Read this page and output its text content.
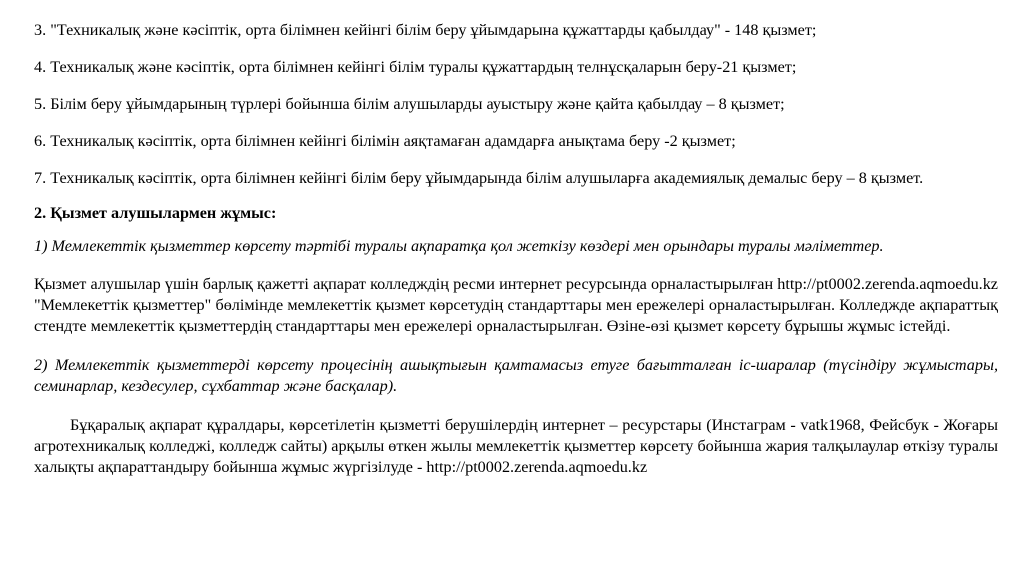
3. "Техникалық және кәсіптік, орта білімнен кейінгі білім беру ұйымдарына құжаттарды қабылдау" - 148 қызмет;

4. Техникалық және кәсіптік, орта білімнен кейінгі білім туралы құжаттардың телнұсқаларын беру-21 қызмет;

5. Білім беру ұйымдарының түрлері бойынша білім алушыларды ауыстыру және қайта қабылдау – 8 қызмет;

6. Техникалық кәсіптік, орта білімнен кейінгі білімін аяқтамаған адамдарға анықтама беру -2 қызмет;

7. Техникалық кәсіптік, орта білімнен кейінгі білім беру ұйымдарында білім алушыларға академиялық демалыс беру – 8 қызмет.

2. Қызмет алушылармен жұмыс:

1) Мемлекеттік қызметтер көрсету тәртібі туралы ақпаратқа қол жеткізу көздері мен орындары туралы мәліметтер.

Қызмет алушылар үшін барлық қажетті ақпарат колледждің ресми интернет ресурсында орналастырылған http://pt0002.zerenda.aqmoedu.kz "Мемлекеттік қызметтер" бөлімінде мемлекеттік қызмет көрсетудің стандарттары мен ережелері орналастырылған. Колледжде ақпараттық стендте мемлекеттік қызметтердің стандарттары мен ережелері орналастырылған. Өзіне-өзі қызмет көрсету бұрышы жұмыс істейді.

2) Мемлекеттік қызметтерді көрсету процесінің ашықтығын қамтамасыз етуге бағытталған іс-шаралар (түсіндіру жұмыстары, семинарлар, кездесулер, сұхбаттар және басқалар).

Бұқаралық ақпарат құралдары, көрсетілетін қызметті берушілердің интернет – ресурстары (Инстаграм - vatk1968, Фейсбук - Жоғары агротехникалық колледжі, колледж сайты) арқылы өткен жылы мемлекеттік қызметтер көрсету бойынша жария талқылаулар өткізу туралы халықты ақпараттандыру бойынша жұмыс жүргізілуде - http://pt0002.zerenda.aqmoedu.kz
